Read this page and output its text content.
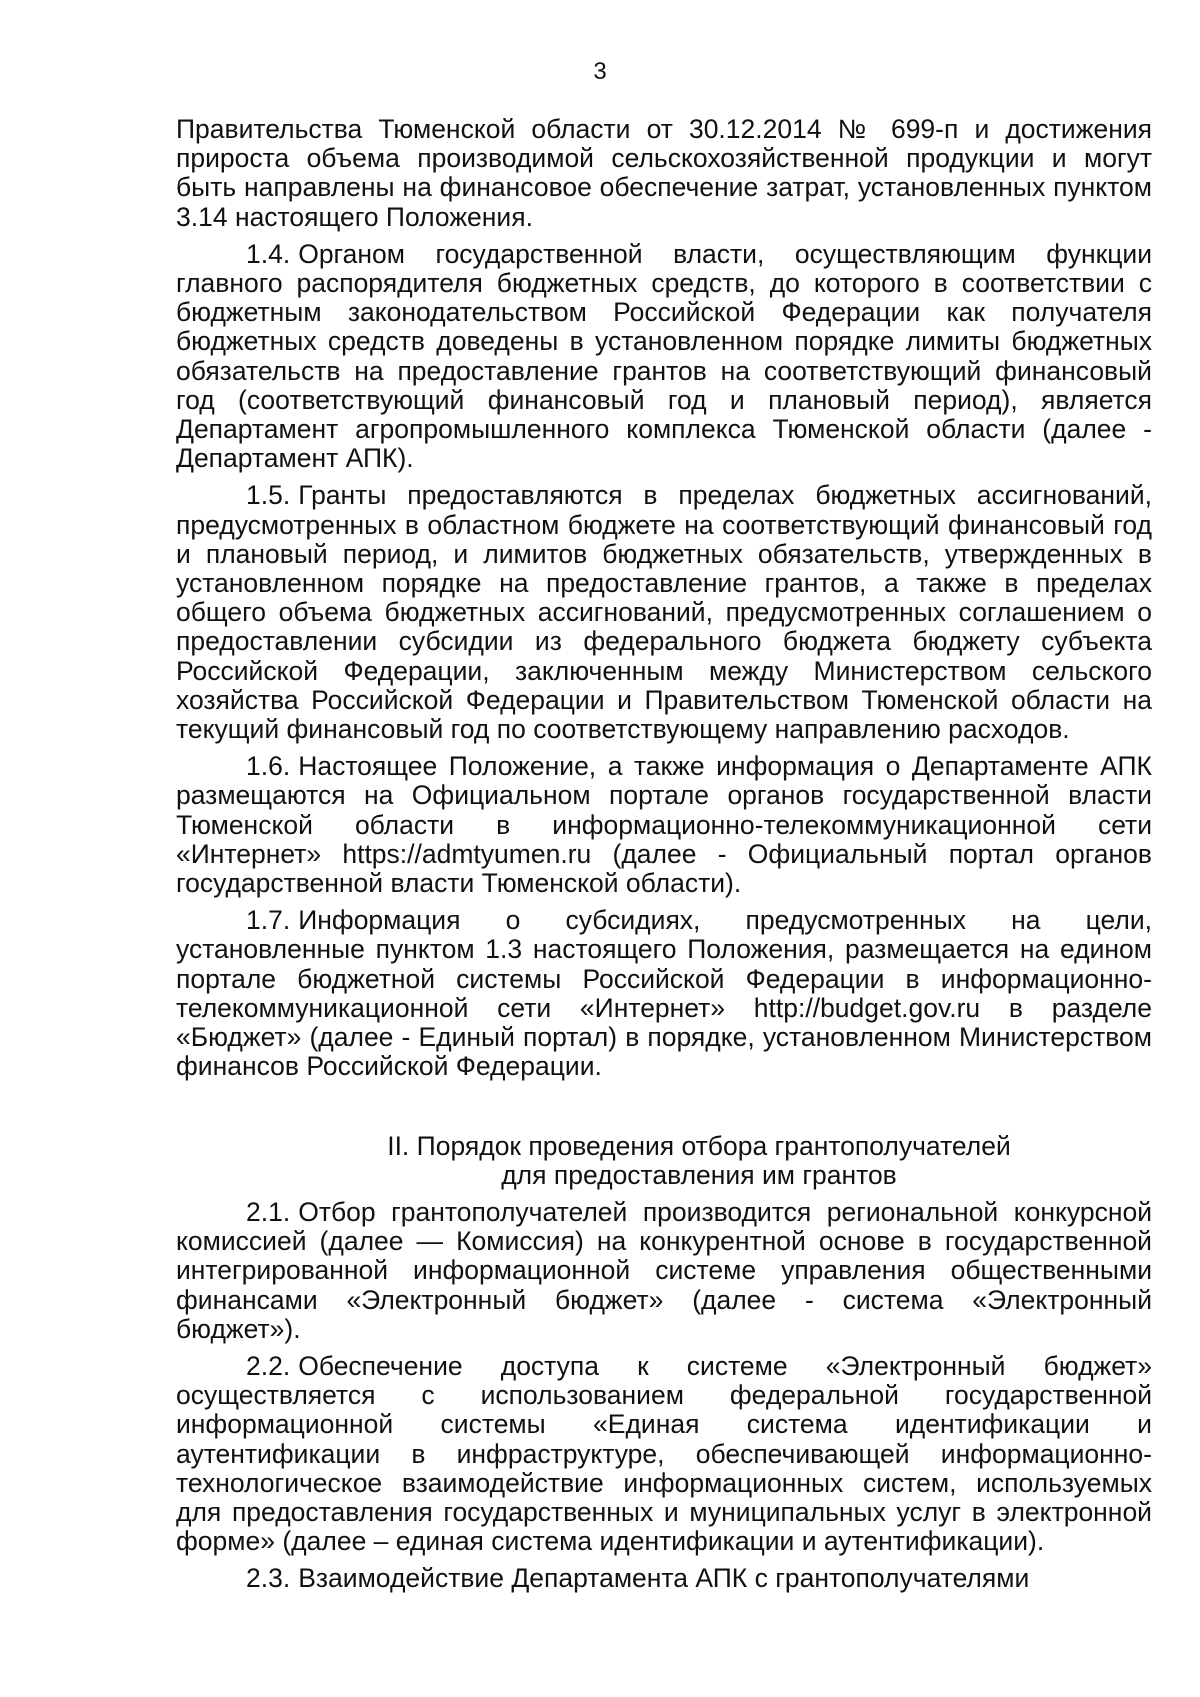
3

Правительства Тюменской области от 30.12.2014 № 699-п и достижения прироста объема производимой сельскохозяйственной продукции и могут быть направлены на финансовое обеспечение затрат, установленных пунктом 3.14 настоящего Положения.

1.4. Органом государственной власти, осуществляющим функции главного распорядителя бюджетных средств, до которого в соответствии с бюджетным законодательством Российской Федерации как получателя бюджетных средств доведены в установленном порядке лимиты бюджетных обязательств на предоставление грантов на соответствующий финансовый год (соответствующий финансовый год и плановый период), является Департамент агропромышленного комплекса Тюменской области (далее - Департамент АПК).

1.5. Гранты предоставляются в пределах бюджетных ассигнований, предусмотренных в областном бюджете на соответствующий финансовый год и плановый период, и лимитов бюджетных обязательств, утвержденных в установленном порядке на предоставление грантов, а также в пределах общего объема бюджетных ассигнований, предусмотренных соглашением о предоставлении субсидии из федерального бюджета бюджету субъекта Российской Федерации, заключенным между Министерством сельского хозяйства Российской Федерации и Правительством Тюменской области на текущий финансовый год по соответствующему направлению расходов.

1.6. Настоящее Положение, а также информация о Департаменте АПК размещаются на Официальном портале органов государственной власти Тюменской области в информационно-телекоммуникационной сети «Интернет» https://admtyumen.ru (далее - Официальный портал органов государственной власти Тюменской области).

1.7. Информация о субсидиях, предусмотренных на цели, установленные пунктом 1.3 настоящего Положения, размещается на едином портале бюджетной системы Российской Федерации в информационно-телекоммуникационной сети «Интернет» http://budget.gov.ru в разделе «Бюджет» (далее - Единый портал) в порядке, установленном Министерством финансов Российской Федерации.

II. Порядок проведения отбора грантополучателей
для предоставления им грантов

2.1. Отбор грантополучателей производится региональной конкурсной комиссией (далее — Комиссия) на конкурентной основе в государственной интегрированной информационной системе управления общественными финансами «Электронный бюджет» (далее - система «Электронный бюджет»).

2.2. Обеспечение доступа к системе «Электронный бюджет» осуществляется с использованием федеральной государственной информационной системы «Единая система идентификации и аутентификации в инфраструктуре, обеспечивающей информационно-технологическое взаимодействие информационных систем, используемых для предоставления государственных и муниципальных услуг в электронной форме» (далее – единая система идентификации и аутентификации).

2.3. Взаимодействие Департамента АПК с грантополучателями
